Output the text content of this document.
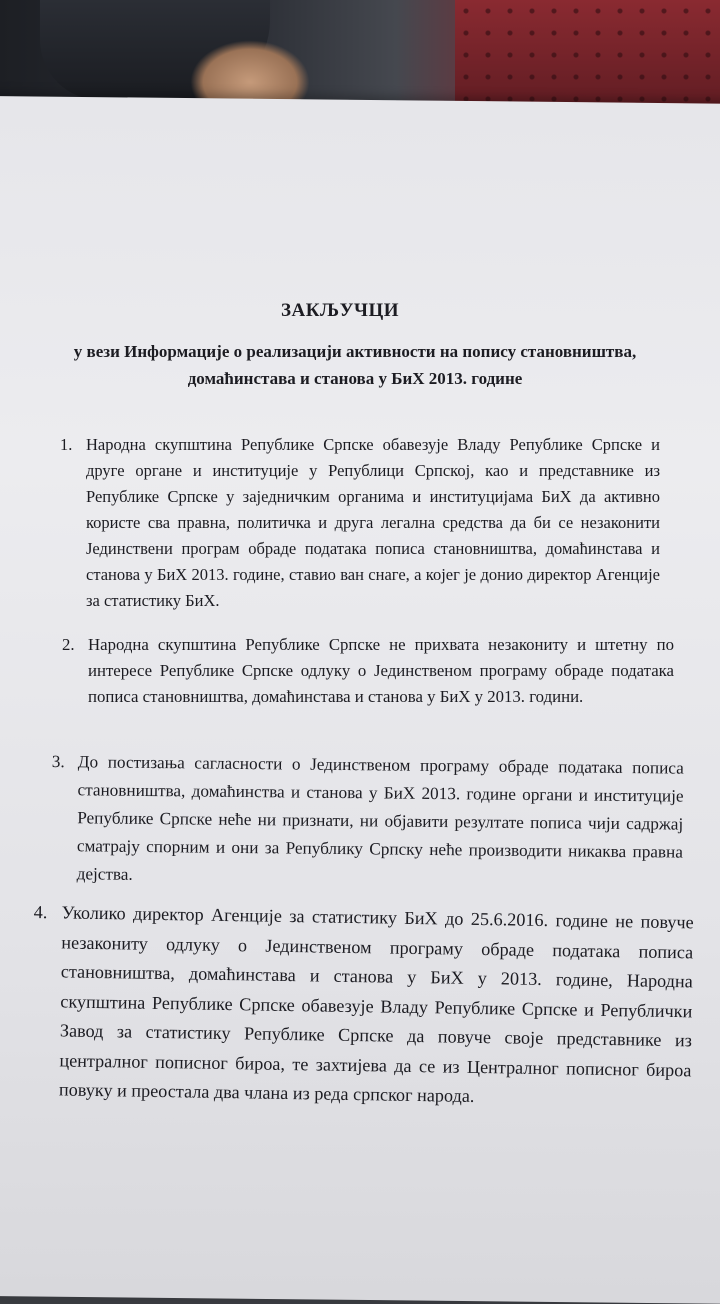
ЗАКЉУЧЦИ
у вези Информације о реализацији активности на попису становништва, домаћинстава и станова у БиХ 2013. године
1. Народна скупштина Републике Српске обавезује Владу Републике Српске и друге органе и институције у Републици Српској, као и представнике из Републике Српске у заједничким органима и институцијама БиХ да активно користе сва правна, политичка и друга легална средства да би се незаконити Јединствени програм обраде података пописа становништва, домаћинстава и станова у БиХ 2013. године, ставио ван снаге, а којег је донио директор Агенције за статистику БиХ.
2. Народна скупштина Републике Српске не прихвата незакониту и штетну по интересе Републике Српске одлуку о Јединственом програму обраде података пописа становништва, домаћинстава и станова у БиХ у 2013. години.
3. До постизања сагласности о Јединственом програму обраде података пописа становништва, домаћинства и станова у БиХ 2013. године органи и институције Републике Српске неће ни признати, ни објавити резултате пописа чији садржај сматрају спорним и они за Републику Српску неће производити никаква правна дејства.
4. Уколико директор Агенције за статистику БиХ до 25.6.2016. године не повуче незакониту одлуку о Јединственом програму обраде података пописа становништва, домаћинстава и станова у БиХ у 2013. године, Народна скупштина Републике Српске обавезује Владу Републике Српске и Републички Завод за статистику Републике Српске да повуче своје представнике из централног пописног бироа, те захтијева да се из Централног пописног бироа повуку и преостала два члана из реда српског народа.
